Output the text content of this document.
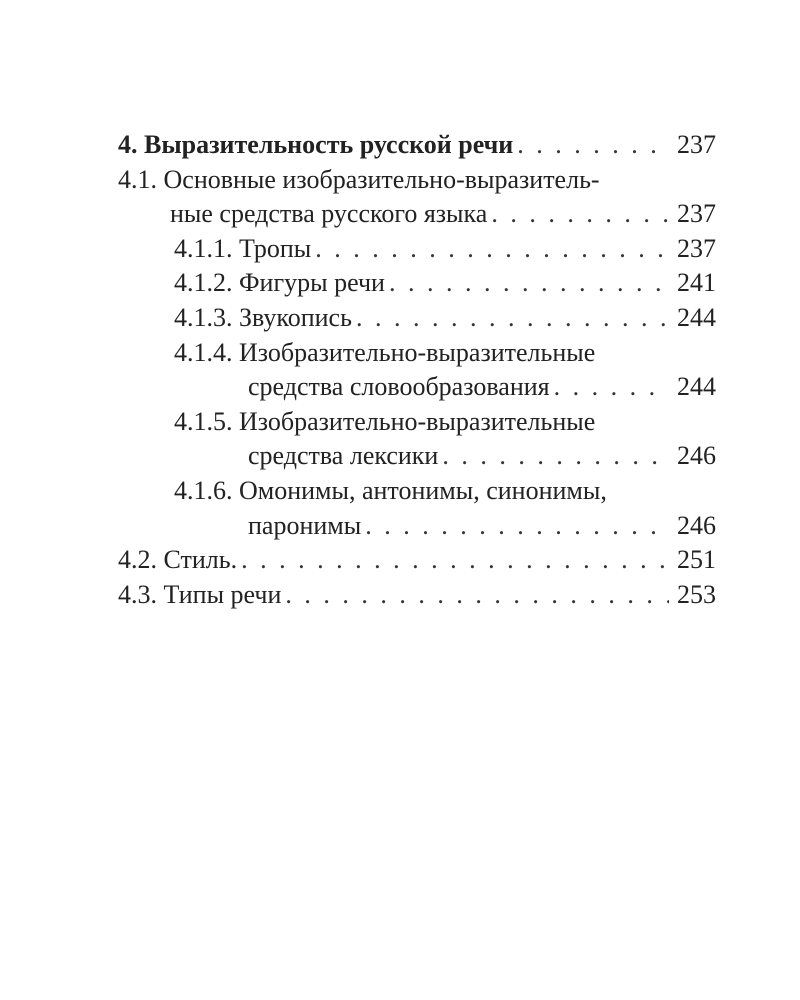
4. Выразительность русской речи . . .	237
4.1. Основные изобразительно-выразитель-
ные средства русского языка . . .	237
4.1.1. Тропы . . .	237
4.1.2. Фигуры речи . . .	241
4.1.3. Звукопись . . .	244
4.1.4. Изобразительно-выразительные
средства словообразования . . .	244
4.1.5. Изобразительно-выразительные
средства лексики . . .	246
4.1.6. Омонимы, антонимы, синонимы,
паронимы . . .	246
4.2. Стиль. . . .	251
4.3. Типы речи . . .	253
